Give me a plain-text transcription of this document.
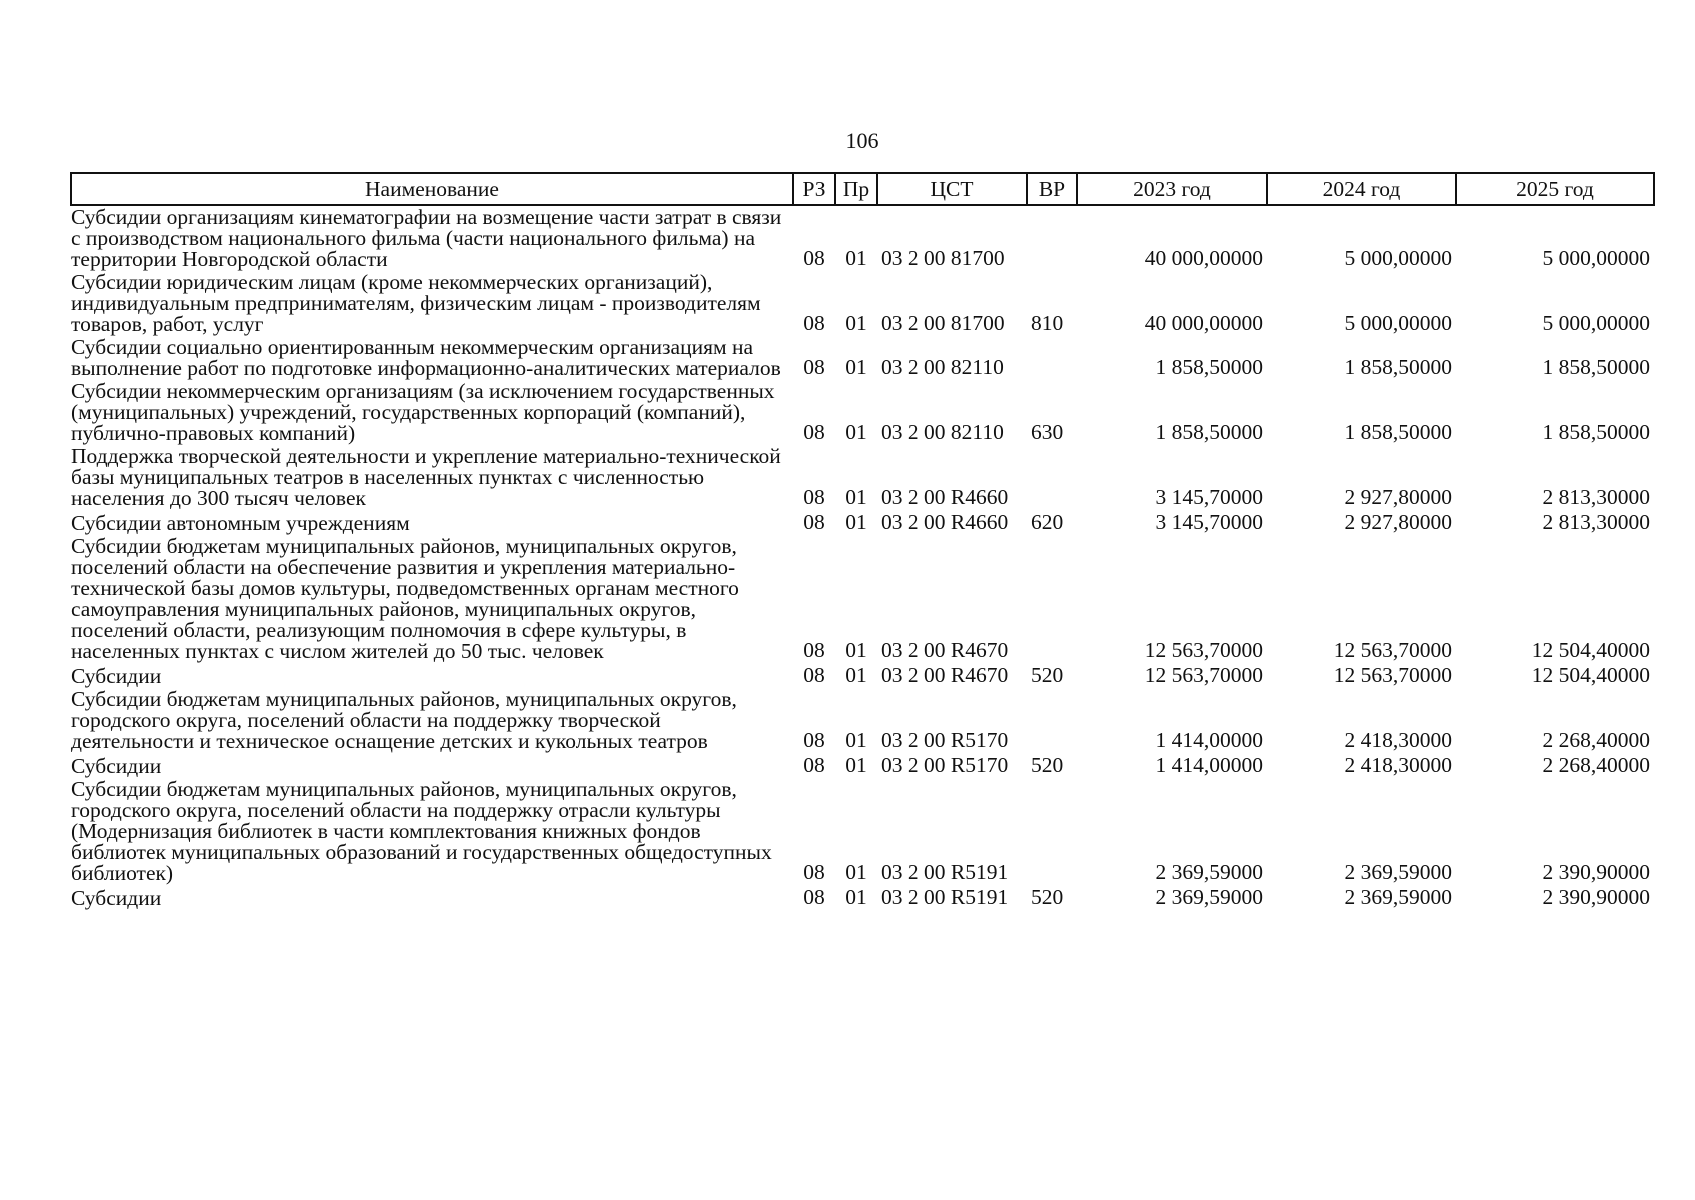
106
Наименование	РЗ	Пр	ЦСТ	ВР	2023 год	2024 год	2025 год
Субсидии организациям кинематографии на возмещение части затрат в связи с производством национального фильма (части национального фильма) на территории Новгородской области	08	01	03 2 00 81700		40 000,00000	5 000,00000	5 000,00000
Субсидии юридическим лицам (кроме некоммерческих организаций), индивидуальным предпринимателям, физическим лицам - производителям товаров, работ, услуг	08	01	03 2 00 81700	810	40 000,00000	5 000,00000	5 000,00000
Субсидии социально ориентированным некоммерческим организациям на выполнение работ по подготовке информационно-аналитических материалов	08	01	03 2 00 82110		1 858,50000	1 858,50000	1 858,50000
Субсидии некоммерческим организациям (за исключением государственных (муниципальных) учреждений, государственных корпораций (компаний), публично-правовых компаний)	08	01	03 2 00 82110	630	1 858,50000	1 858,50000	1 858,50000
Поддержка творческой деятельности и укрепление материально-технической базы муниципальных театров в населенных пунктах с численностью населения до 300 тысяч человек	08	01	03 2 00 R4660		3 145,70000	2 927,80000	2 813,30000
Субсидии автономным учреждениям	08	01	03 2 00 R4660	620	3 145,70000	2 927,80000	2 813,30000
Субсидии бюджетам муниципальных районов, муниципальных округов, поселений области на обеспечение развития и укрепления материально-технической базы домов культуры, подведомственных органам местного самоуправления муниципальных районов, муниципальных округов, поселений области, реализующим полномочия в сфере культуры, в населенных пунктах с числом жителей до 50 тыс. человек	08	01	03 2 00 R4670		12 563,70000	12 563,70000	12 504,40000
Субсидии	08	01	03 2 00 R4670	520	12 563,70000	12 563,70000	12 504,40000
Субсидии бюджетам муниципальных районов, муниципальных округов, городского округа, поселений области на поддержку творческой деятельности и техническое оснащение детских и кукольных театров	08	01	03 2 00 R5170		1 414,00000	2 418,30000	2 268,40000
Субсидии	08	01	03 2 00 R5170	520	1 414,00000	2 418,30000	2 268,40000
Субсидии бюджетам муниципальных районов, муниципальных округов, городского округа, поселений области на поддержку отрасли культуры (Модернизация библиотек в части комплектования книжных фондов библиотек муниципальных образований и государственных общедоступных библиотек)	08	01	03 2 00 R5191		2 369,59000	2 369,59000	2 390,90000
Субсидии	08	01	03 2 00 R5191	520	2 369,59000	2 369,59000	2 390,90000
